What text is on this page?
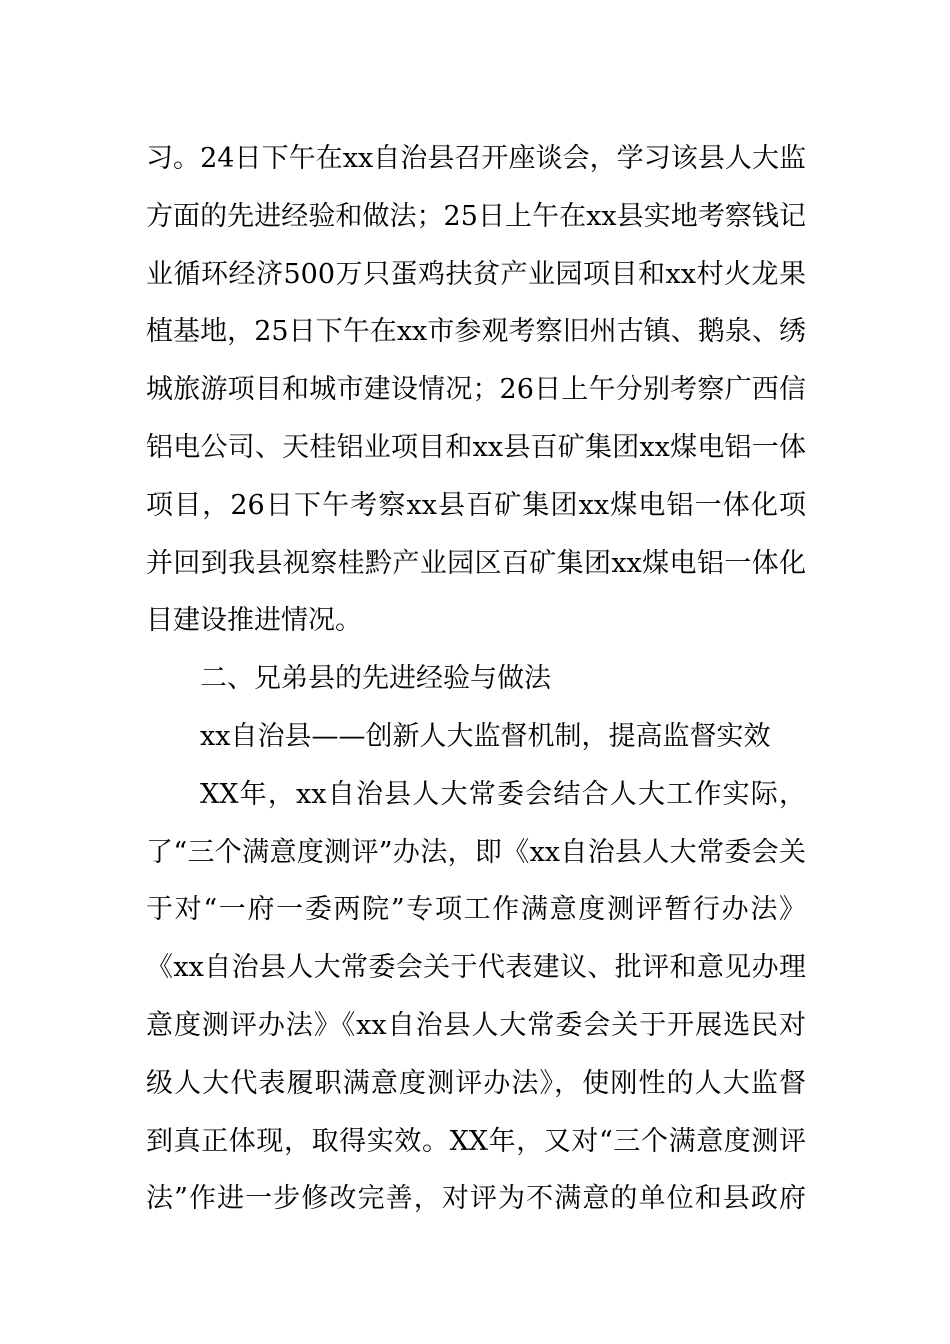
习。24日下午在xx自治县召开座谈会，学习该县人大监
方面的先进经验和做法；25日上午在xx县实地考察钱记
业循环经济500万只蛋鸡扶贫产业园项目和xx村火龙果
植基地，25日下午在xx市参观考察旧州古镇、鹅泉、绣
城旅游项目和城市建设情况；26日上午分别考察广西信
铝电公司、天桂铝业项目和xx县百矿集团xx煤电铝一体
项目，26日下午考察xx县百矿集团xx煤电铝一体化项
并回到我县视察桂黔产业园区百矿集团xx煤电铝一体化
目建设推进情况。
二、兄弟县的先进经验与做法
xx自治县——创新人大监督机制，提高监督实效
XX年，xx自治县人大常委会结合人大工作实际，
了“三个满意度测评”办法，即《xx自治县人大常委会关
于对“一府一委两院”专项工作满意度测评暂行办法》
《xx自治县人大常委会关于代表建议、批评和意见办理
意度测评办法》《xx自治县人大常委会关于开展选民对
级人大代表履职满意度测评办法》，使刚性的人大监督
到真正体现，取得实效。XX年，又对“三个满意度测评
法”作进一步修改完善，对评为不满意的单位和县政府
